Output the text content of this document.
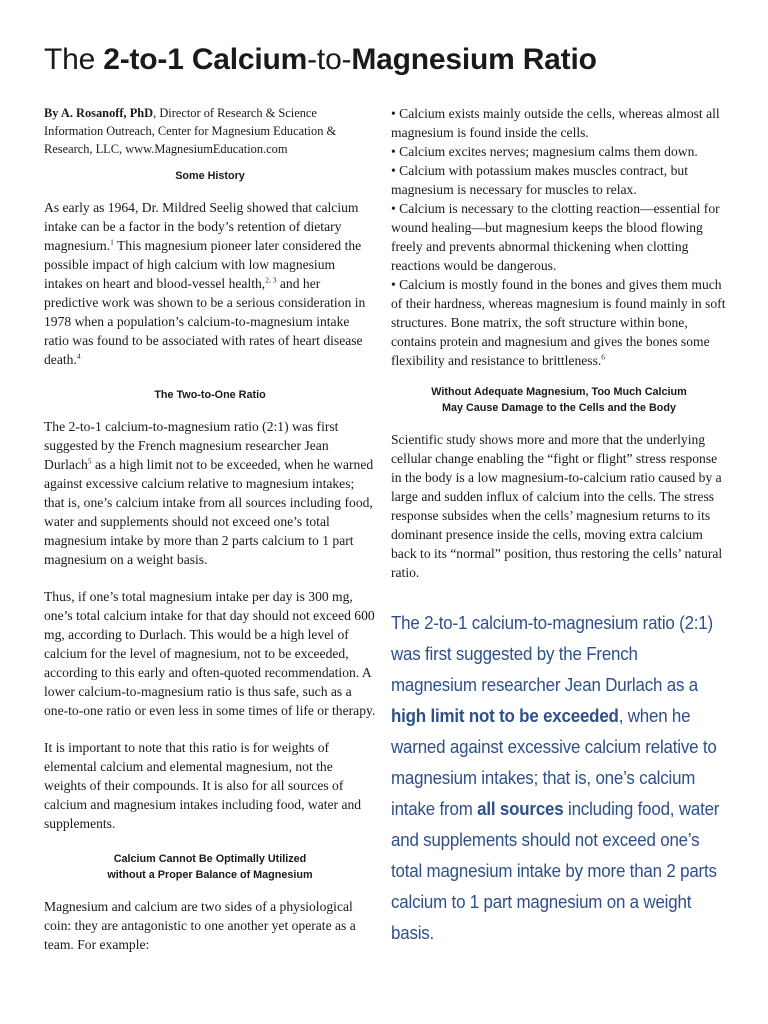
The 2-to-1 Calcium-to-Magnesium Ratio

By A. Rosanoff, PhD, Director of Research & Science Information Outreach, Center for Magnesium Education & Research, LLC, www.MagnesiumEducation.com

Some History

As early as 1964, Dr. Mildred Seelig showed that calcium intake can be a factor in the body’s retention of dietary magnesium.$^1$ This magnesium pioneer later considered the possible impact of high calcium with low magnesium intakes on heart and blood-vessel health,$^{2, 3}$ and her predictive work was shown to be a serious consideration in 1978 when a population’s calcium-to-magnesium intake ratio was found to be associated with rates of heart disease death.$^4$

The Two-to-One Ratio

The 2-to-1 calcium-to-magnesium ratio (2:1) was first suggested by the French magnesium researcher Jean Durlach$^5$ as a high limit not to be exceeded, when he warned against excessive calcium relative to magnesium intakes; that is, one’s calcium intake from all sources including food, water and supplements should not exceed one’s total magnesium intake by more than 2 parts calcium to 1 part magnesium on a weight basis.

Thus, if one’s total magnesium intake per day is 300 mg, one’s total calcium intake for that day should not exceed 600 mg, according to Durlach. This would be a high level of calcium for the level of magnesium, not to be exceeded, according to this early and often-quoted recommendation. A lower calcium-to-magnesium ratio is thus safe, such as a one-to-one ratio or even less in some times of life or therapy.

It is important to note that this ratio is for weights of elemental calcium and elemental magnesium, not the weights of their compounds. It is also for all sources of calcium and magnesium intakes including food, water and supplements.

Calcium Cannot Be Optimally Utilized
without a Proper Balance of Magnesium

Magnesium and calcium are two sides of a physiological coin: they are antagonistic to one another yet operate as a team. For example:

• Calcium exists mainly outside the cells, whereas almost all magnesium is found inside the cells.

• Calcium excites nerves; magnesium calms them down.

• Calcium with potassium makes muscles contract, but magnesium is necessary for muscles to relax.

• Calcium is necessary to the clotting reaction—essential for wound healing—but magnesium keeps the blood flowing freely and prevents abnormal thickening when clotting reactions would be dangerous.

• Calcium is mostly found in the bones and gives them much of their hardness, whereas magnesium is found mainly in soft structures. Bone matrix, the soft structure within bone, contains protein and magnesium and gives the bones some flexibility and resistance to brittleness.$^6$

Without Adequate Magnesium, Too Much Calcium
May Cause Damage to the Cells and the Body

Scientific study shows more and more that the underlying cellular change enabling the “fight or flight” stress response in the body is a low magnesium-to-calcium ratio caused by a large and sudden influx of calcium into the cells. The stress response subsides when the cells’ magnesium returns to its dominant presence inside the cells, moving extra calcium back to its “normal” position, thus restoring the cells’ natural ratio.

The 2-to-1 calcium-to-magnesium ratio (2:1) was first suggested by the French magnesium researcher Jean Durlach as a high limit not to be exceeded, when he warned against excessive calcium relative to magnesium intakes; that is, one’s calcium intake from all sources including food, water and supplements should not exceed one’s total magnesium intake by more than 2 parts calcium to 1 part magnesium on a weight basis.
